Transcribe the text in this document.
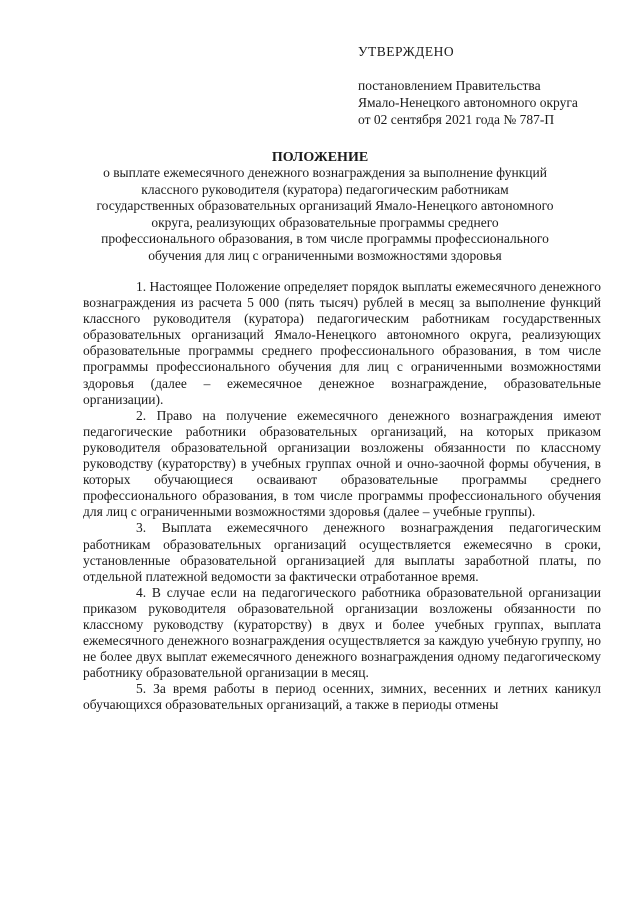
УТВЕРЖДЕНО
постановлением Правительства
Ямало-Ненецкого автономного округа
от 02 сентября 2021 года № 787-П
ПОЛОЖЕНИЕ
о выплате ежемесячного денежного вознаграждения за выполнение функций классного руководителя (куратора) педагогическим работникам государственных образовательных организаций Ямало-Ненецкого автономного округа, реализующих образовательные программы среднего профессионального образования, в том числе программы профессионального обучения для лиц с ограниченными возможностями здоровья

1. Настоящее Положение определяет порядок выплаты ежемесячного денежного вознаграждения из расчета 5 000 (пять тысяч) рублей в месяц за выполнение функций классного руководителя (куратора) педагогическим работникам государственных образовательных организаций Ямало-Ненецкого автономного округа, реализующих образовательные программы среднего профессионального образования, в том числе программы профессионального обучения для лиц с ограниченными возможностями здоровья (далее – ежемесячное денежное вознаграждение, образовательные организации).

2. Право на получение ежемесячного денежного вознаграждения имеют педагогические работники образовательных организаций, на которых приказом руководителя образовательной организации возложены обязанности по классному руководству (кураторству) в учебных группах очной и очно-заочной формы обучения, в которых обучающиеся осваивают образовательные программы среднего профессионального образования, в том числе программы профессионального обучения для лиц с ограниченными возможностями здоровья (далее – учебные группы).

3. Выплата ежемесячного денежного вознаграждения педагогическим работникам образовательных организаций осуществляется ежемесячно в сроки, установленные образовательной организацией для выплаты заработной платы, по отдельной платежной ведомости за фактически отработанное время.

4. В случае если на педагогического работника образовательной организации приказом руководителя образовательной организации возложены обязанности по классному руководству (кураторству) в двух и более учебных группах, выплата ежемесячного денежного вознаграждения осуществляется за каждую учебную группу, но не более двух выплат ежемесячного денежного вознаграждения одному педагогическому работнику образовательной организации в месяц.

5. За время работы в период осенних, зимних, весенних и летних каникул обучающихся образовательных организаций, а также в периоды отмены
